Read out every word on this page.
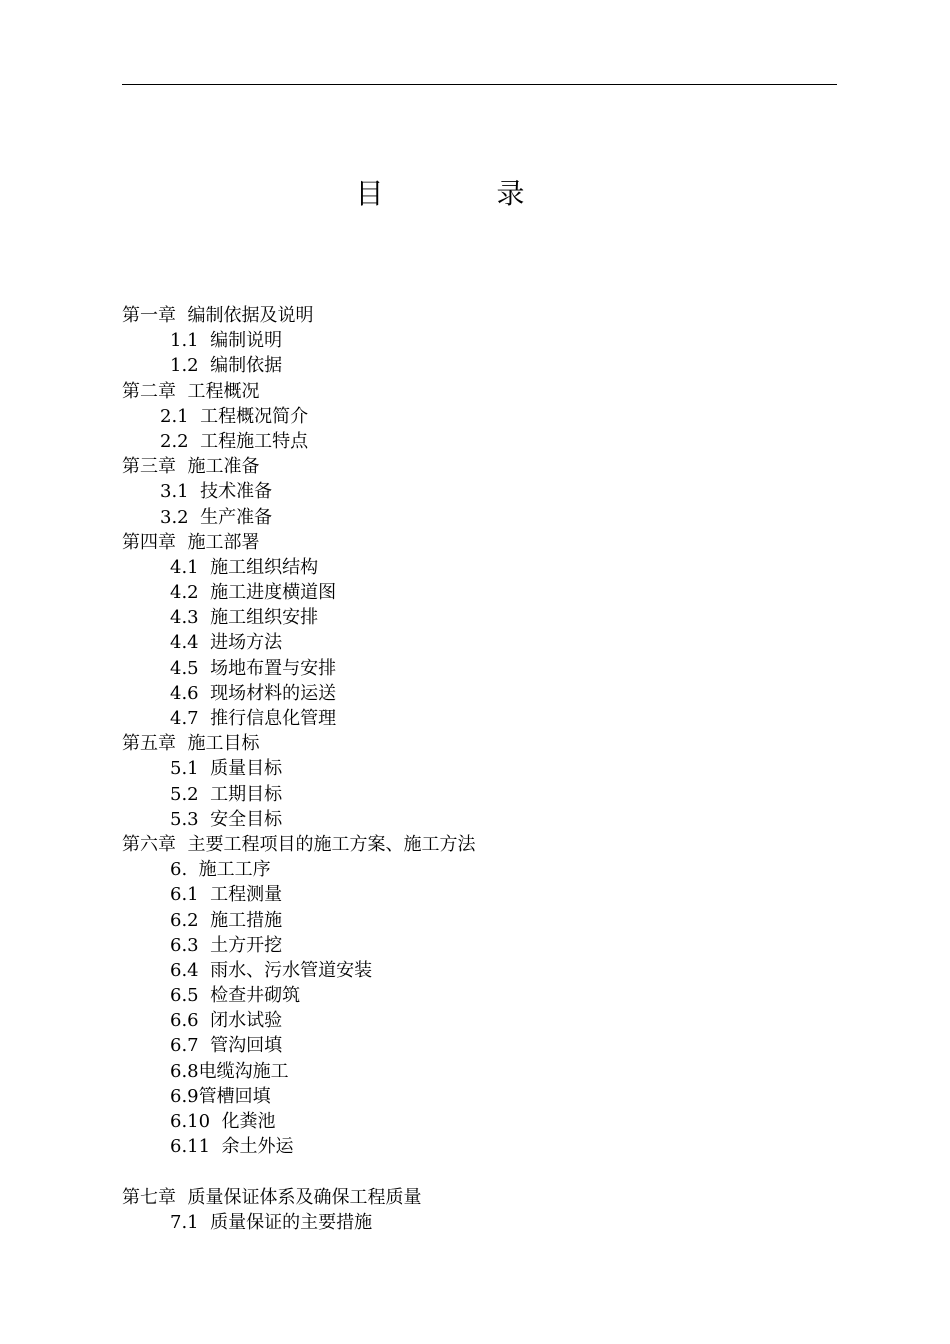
目 录
第一章  编制依据及说明
1.1  编制说明
1.2  编制依据
第二章  工程概况
2.1  工程概况简介
2.2  工程施工特点
第三章  施工准备
3.1  技术准备
3.2  生产准备
第四章  施工部署
4.1  施工组织结构
4.2  施工进度横道图
4.3  施工组织安排
4.4  进场方法
4.5  场地布置与安排
4.6  现场材料的运送
4.7  推行信息化管理
第五章  施工目标
5.1  质量目标
5.2  工期目标
5.3  安全目标
第六章  主要工程项目的施工方案、施工方法
6.  施工工序
6.1  工程测量
6.2  施工措施
6.3  土方开挖
6.4  雨水、污水管道安装
6.5  检查井砌筑
6.6  闭水试验
6.7  管沟回填
6.8电缆沟施工
6.9管槽回填
6.10  化粪池
6.11  余土外运
第七章  质量保证体系及确保工程质量
7.1  质量保证的主要措施
